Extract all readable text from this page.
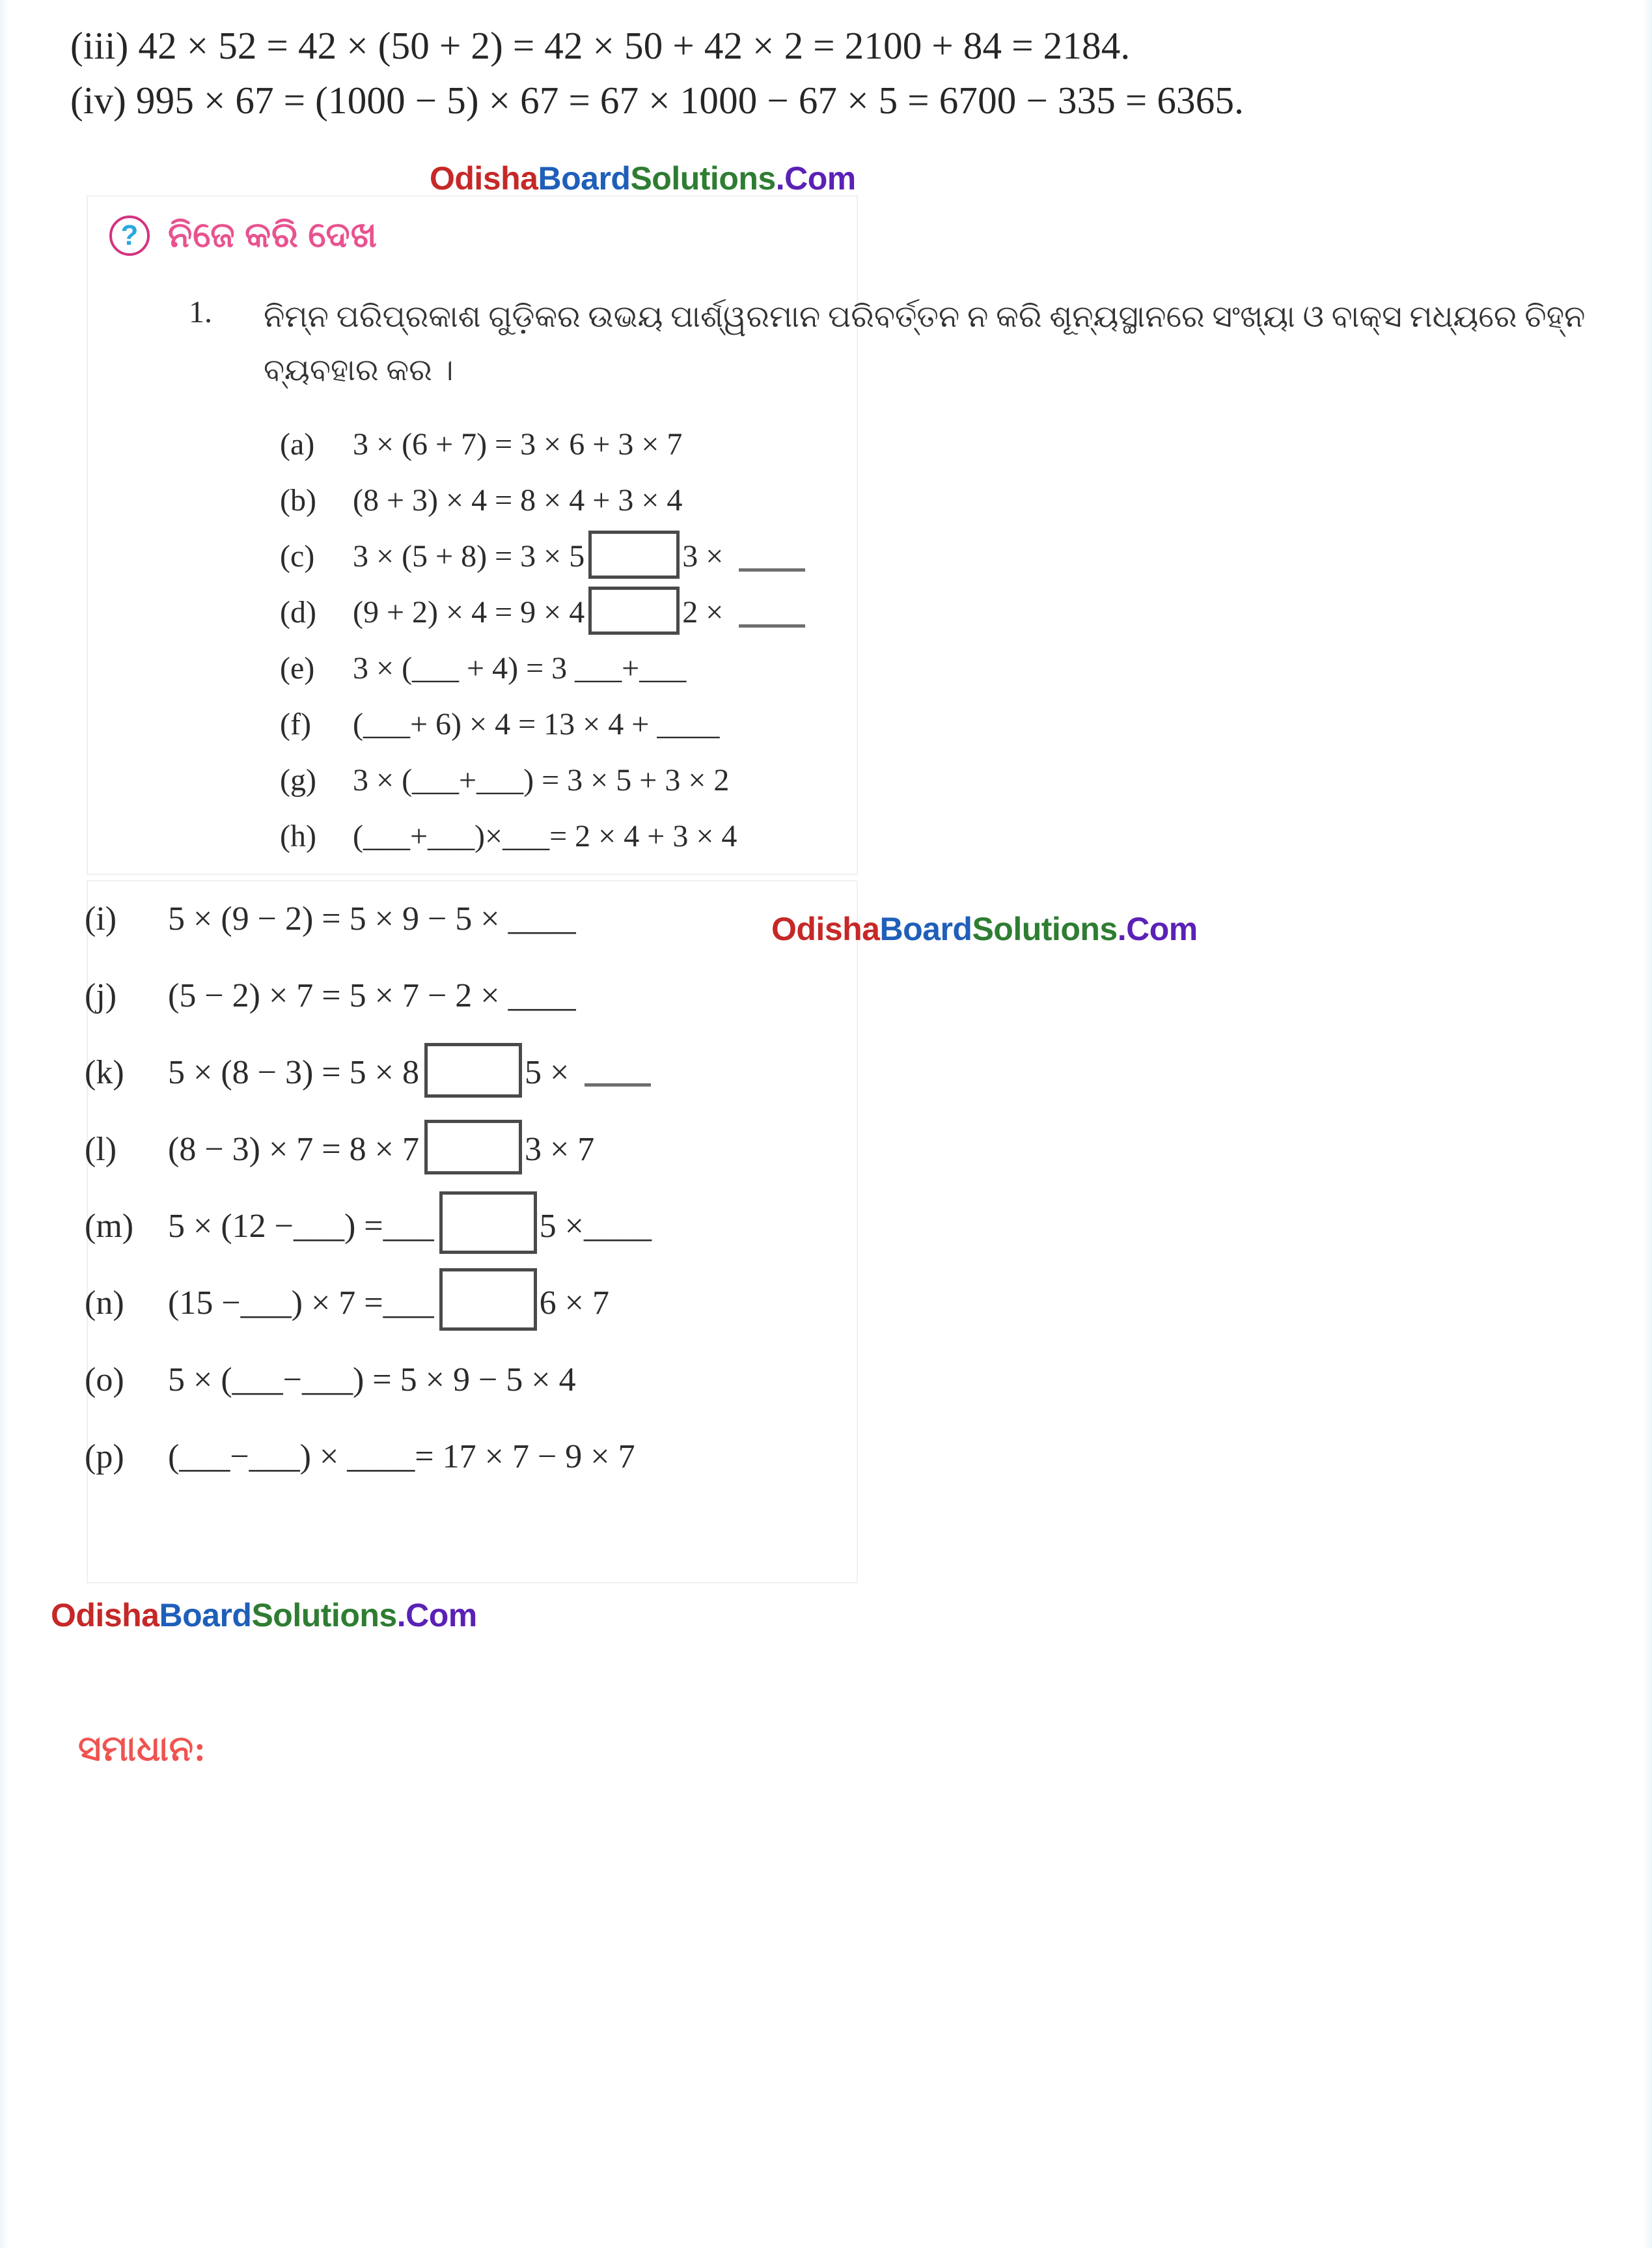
(iii) 42 × 52 = 42 × (50 + 2) = 42 × 50 + 42 × 2 = 2100 + 84 = 2184.
(iv) 995 × 67 = (1000 − 5) × 67 = 67 × 1000 − 67 × 5 = 6700 − 335 = 6365.
OdishaBoardSolutions.Com
? ନିଜେ କରି ଦେଖ
1. ନିମ୍ନ ପରିପ୍ରକାଶ ଗୁଡ଼ିକର ଉଭୟ ପାର୍ଶ୍ୱରମାନ ପରିବର୍ତ୍ତନ ନ କରି ଶୂନ୍ୟସ୍ଥାନରେ ସଂଖ୍ୟା ଓ ବାକ୍ସ ମଧ୍ୟରେ ଚିହ୍ନ
ବ୍ୟବହାର କର ।
(a)	3 × (6 + 7) = 3 × 6 + 3 × 7
(b)	(8 + 3) × 4 = 8 × 4 + 3 × 4
(c)	3 × (5 + 8) = 3 × 5	3 ×
(d)	(9 + 2) × 4 = 9 × 4	2 ×
(e)	3 × (___ + 4) = 3 ___+___
(f)	(___+ 6) × 4 = 13 × 4 + ____
(g)	3 × (___+___) = 3 × 5 + 3 × 2
(h)	(___+___)×___= 2 × 4 + 3 × 4
OdishaBoardSolutions.Com
(i)	5 × (9 − 2) = 5 × 9 − 5 × ____
(j)	(5 − 2) × 7 = 5 × 7 − 2 × ____
(k)	5 × (8 − 3) = 5 × 8	5 ×
(l)	(8 − 3) × 7 = 8 × 7	3 × 7
(m)	5 × (12 −___) =___	5 ×____
(n)	(15 −___) × 7 =___	6 × 7
(o)	5 × (___−___) = 5 × 9 − 5 × 4
(p)	(___−___) × ____= 17 × 7 − 9 × 7
OdishaBoardSolutions.Com
ସମାଧାନ:
